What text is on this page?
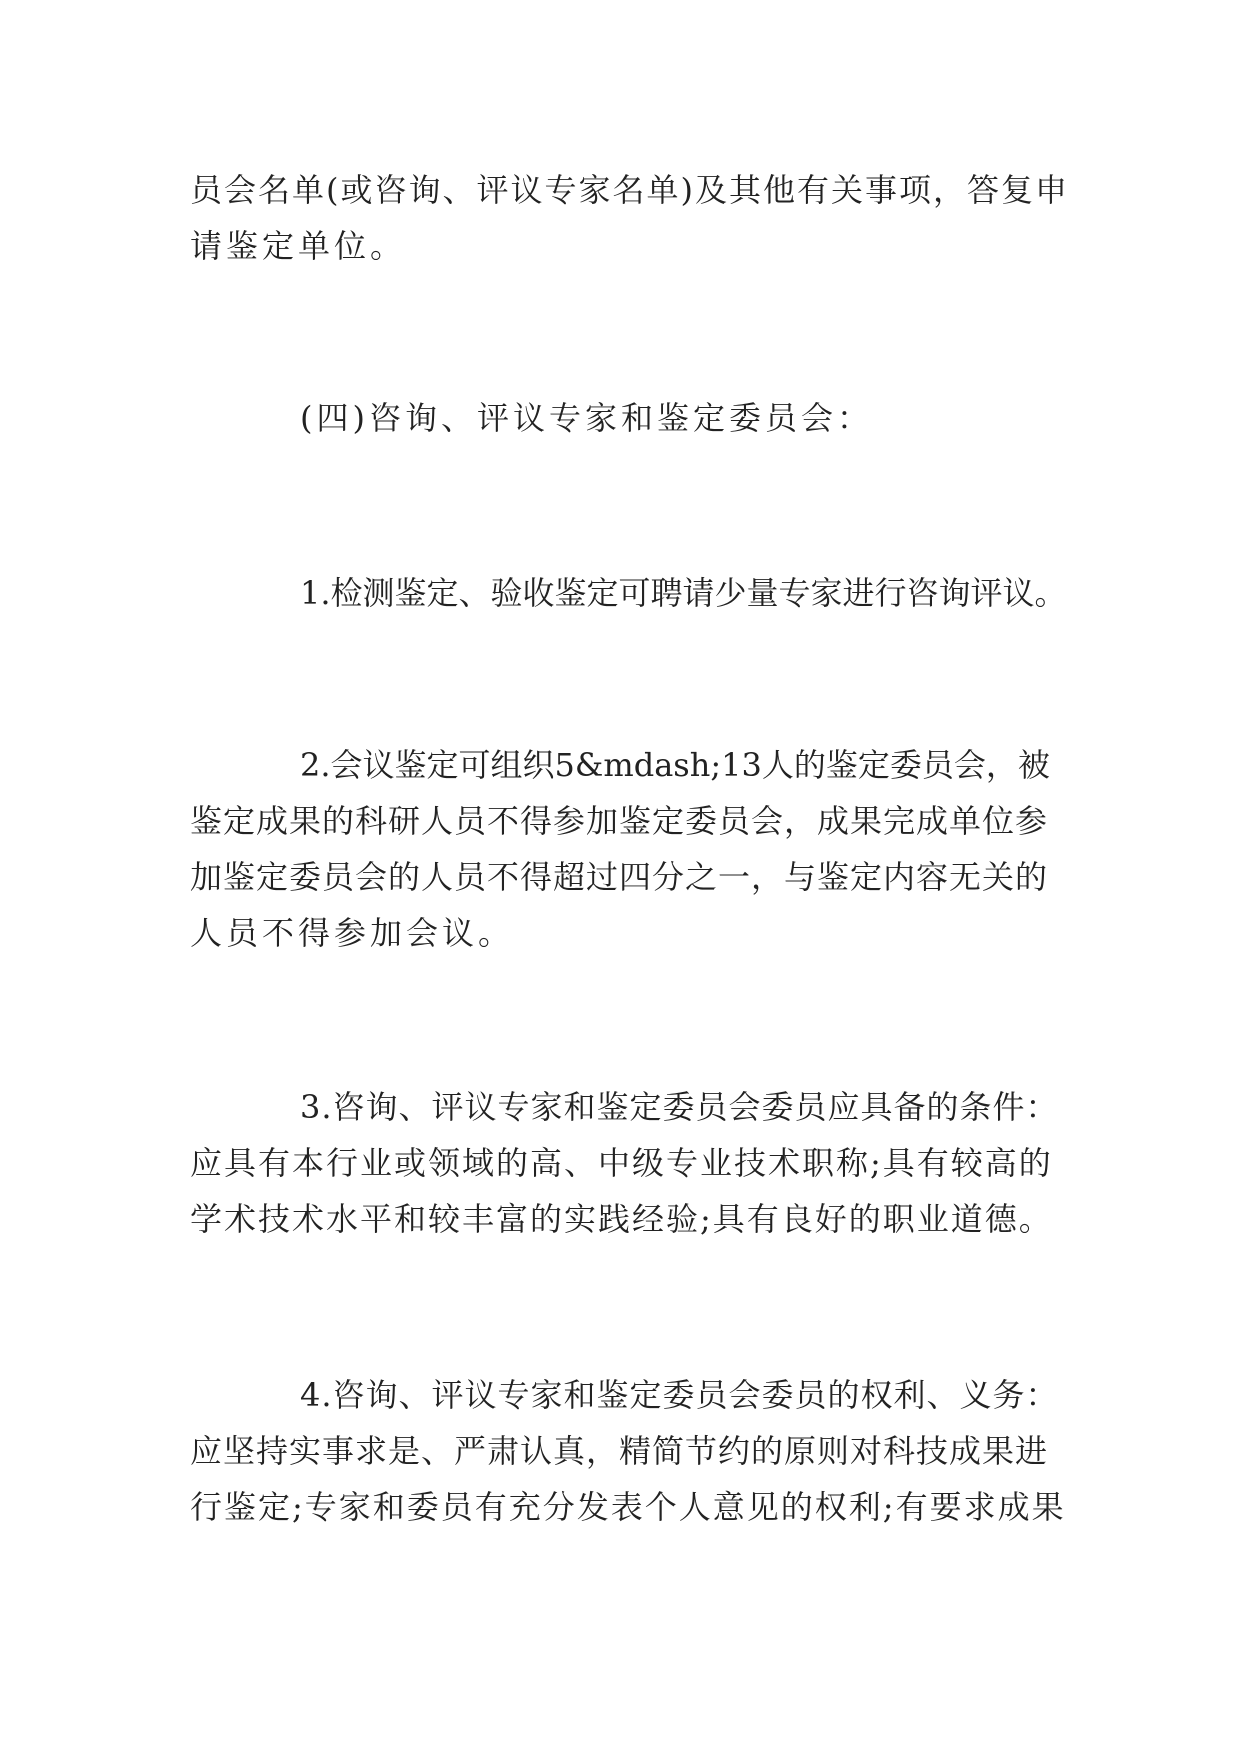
员会名单(或咨询、评议专家名单)及其他有关事项，答复申

请鉴定单位。

(四)咨询、评议专家和鉴定委员会：

1.检测鉴定、验收鉴定可聘请少量专家进行咨询评议。

2.会议鉴定可组织5&mdash;13人的鉴定委员会，被

鉴定成果的科研人员不得参加鉴定委员会，成果完成单位参

加鉴定委员会的人员不得超过四分之一，与鉴定内容无关的

人员不得参加会议。

3.咨询、评议专家和鉴定委员会委员应具备的条件：

应具有本行业或领域的高、中级专业技术职称;具有较高的

学术技术水平和较丰富的实践经验;具有良好的职业道德。

4.咨询、评议专家和鉴定委员会委员的权利、义务：

应坚持实事求是、严肃认真，精简节约的原则对科技成果进

行鉴定;专家和委员有充分发表个人意见的权利;有要求成果
